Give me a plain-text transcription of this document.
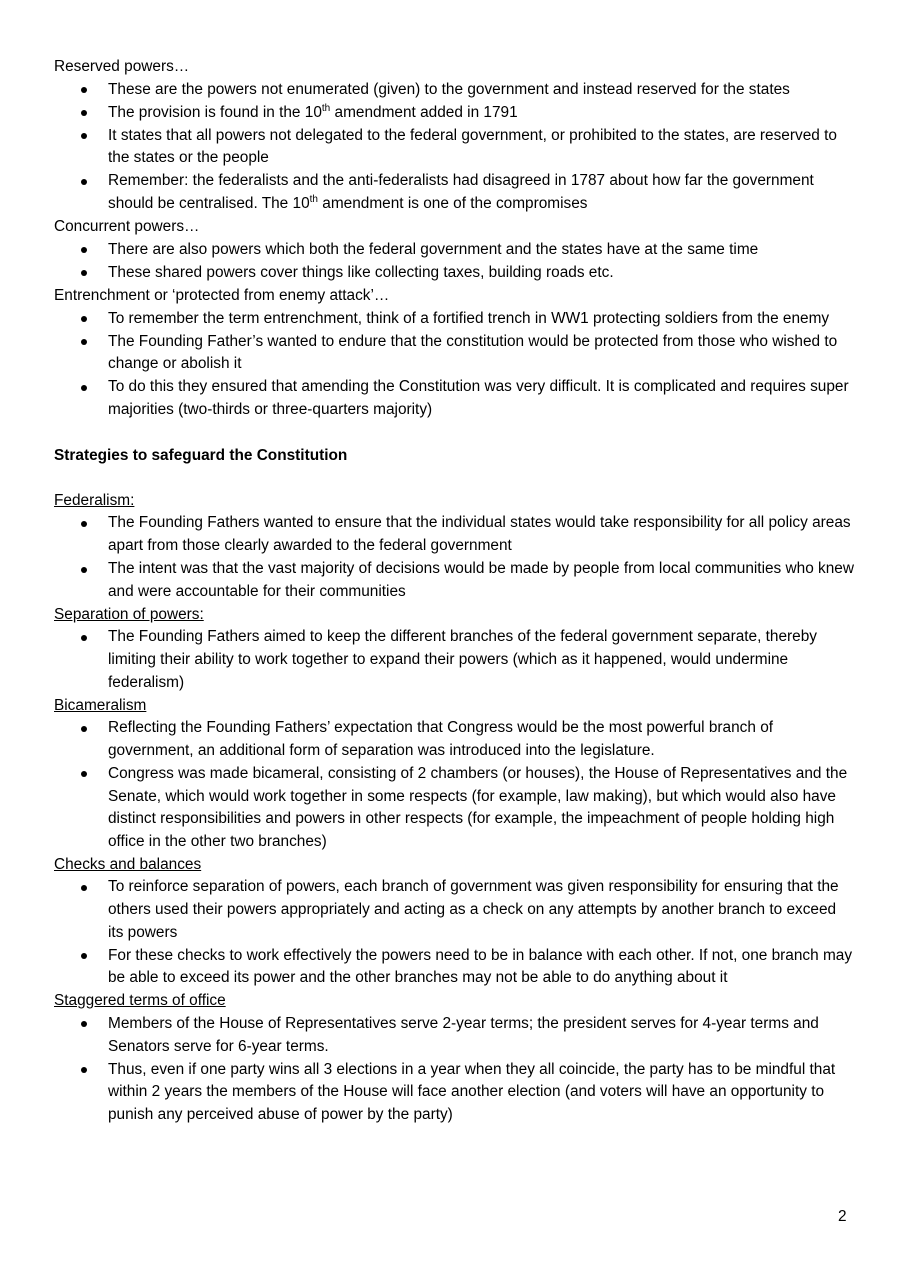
Reserved powers…
These are the powers not enumerated (given) to the government and instead reserved for the states
The provision is found in the 10th amendment added in 1791
It states that all powers not delegated to the federal government, or prohibited to the states, are reserved to the states or the people
Remember: the federalists and the anti-federalists had disagreed in 1787 about how far the government should be centralised. The 10th amendment is one of the compromises
Concurrent powers…
There are also powers which both the federal government and the states have at the same time
These shared powers cover things like collecting taxes, building roads etc.
Entrenchment or ‘protected from enemy attack’…
To remember the term entrenchment, think of a fortified trench in WW1 protecting soldiers from the enemy
The Founding Father’s wanted to endure that the constitution would be protected from those who wished to change or abolish it
To do this they ensured that amending the Constitution was very difficult. It is complicated and requires super majorities (two-thirds or three-quarters majority)
Strategies to safeguard the Constitution
Federalism:
The Founding Fathers wanted to ensure that the individual states would take responsibility for all policy areas apart from those clearly awarded to the federal government
The intent was that the vast majority of decisions would be made by people from local communities who knew and were accountable for their communities
Separation of powers:
The Founding Fathers aimed to keep the different branches of the federal government separate, thereby limiting their ability to work together to expand their powers (which as it happened, would undermine federalism)
Bicameralism
Reflecting the Founding Fathers’ expectation that Congress would be the most powerful branch of government, an additional form of separation was introduced into the legislature.
Congress was made bicameral, consisting of 2 chambers (or houses), the House of Representatives and the Senate, which would work together in some respects (for example, law making), but which would also have distinct responsibilities and powers in other respects (for example, the impeachment of people holding high office in the other two branches)
Checks and balances
To reinforce separation of powers, each branch of government was given responsibility for ensuring that the others used their powers appropriately and acting as a check on any attempts by another branch to exceed its powers
For these checks to work effectively the powers need to be in balance with each other. If not, one branch may be able to exceed its power and the other branches may not be able to do anything about it
Staggered terms of office
Members of the House of Representatives serve 2-year terms; the president serves for 4-year terms and Senators serve for 6-year terms.
Thus, even if one party wins all 3 elections in a year when they all coincide, the party has to be mindful that within 2 years the members of the House will face another election (and voters will have an opportunity to punish any perceived abuse of power by the party)
2
